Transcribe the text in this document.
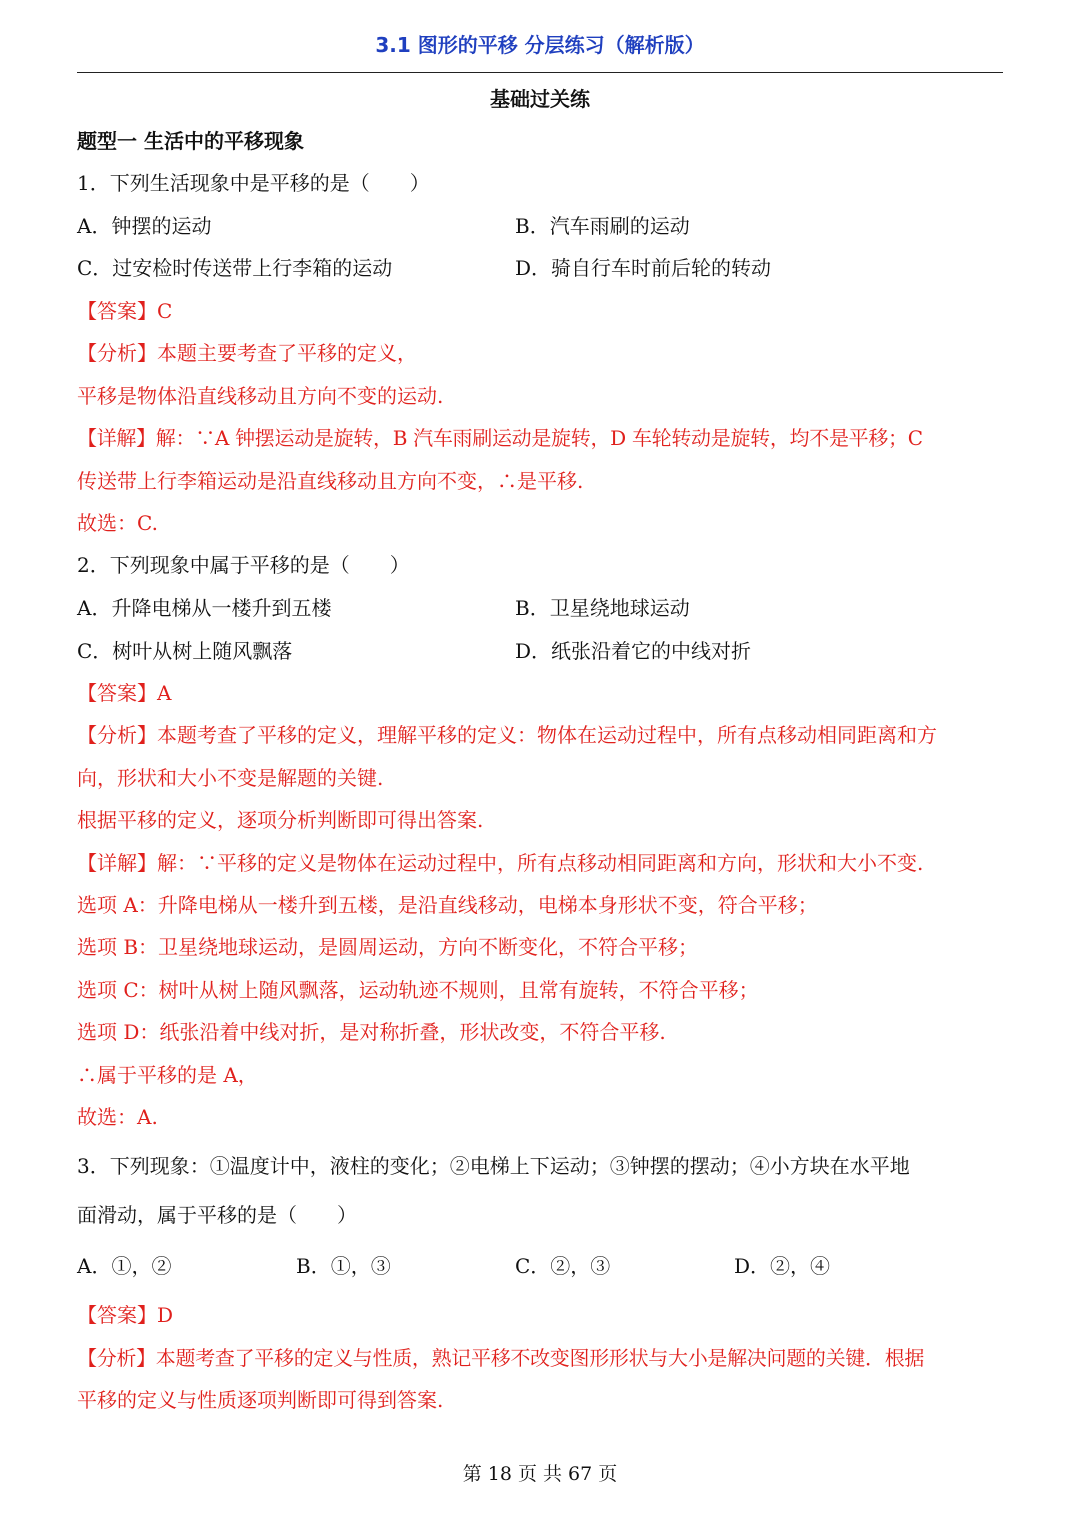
3.1 图形的平移 分层练习（解析版）
基础过关练
题型一 生活中的平移现象
1．下列生活现象中是平移的是（　　）
A．钟摆的运动	B．汽车雨刷的运动
C．过安检时传送带上行李箱的运动	D．骑自行车时前后轮的转动
【答案】C
【分析】本题主要考查了平移的定义，
平移是物体沿直线移动且方向不变的运动.
【详解】解：∵A 钟摆运动是旋转，B 汽车雨刷运动是旋转，D 车轮转动是旋转，均不是平移；C
传送带上行李箱运动是沿直线移动且方向不变，∴是平移.
故选：C.
2．下列现象中属于平移的是（　　）
A．升降电梯从一楼升到五楼	B．卫星绕地球运动
C．树叶从树上随风飘落	D．纸张沿着它的中线对折
【答案】A
【分析】本题考查了平移的定义，理解平移的定义：物体在运动过程中，所有点移动相同距离和方
向，形状和大小不变是解题的关键.
根据平移的定义，逐项分析判断即可得出答案.
【详解】解：∵平移的定义是物体在运动过程中，所有点移动相同距离和方向，形状和大小不变.
选项 A：升降电梯从一楼升到五楼，是沿直线移动，电梯本身形状不变，符合平移；
选项 B：卫星绕地球运动，是圆周运动，方向不断变化，不符合平移；
选项 C：树叶从树上随风飘落，运动轨迹不规则，且常有旋转，不符合平移；
选项 D：纸张沿着中线对折，是对称折叠，形状改变，不符合平移.
∴属于平移的是 A，
故选：A.
3．下列现象：①温度计中，液柱的变化；②电梯上下运动；③钟摆的摆动；④小方块在水平地
面滑动，属于平移的是（　　）
A．①，②	B．①，③	C．②，③	D．②，④
【答案】D
【分析】本题考查了平移的定义与性质，熟记平移不改变图形形状与大小是解决问题的关键．根据
平移的定义与性质逐项判断即可得到答案.
第 18 页 共 67 页
